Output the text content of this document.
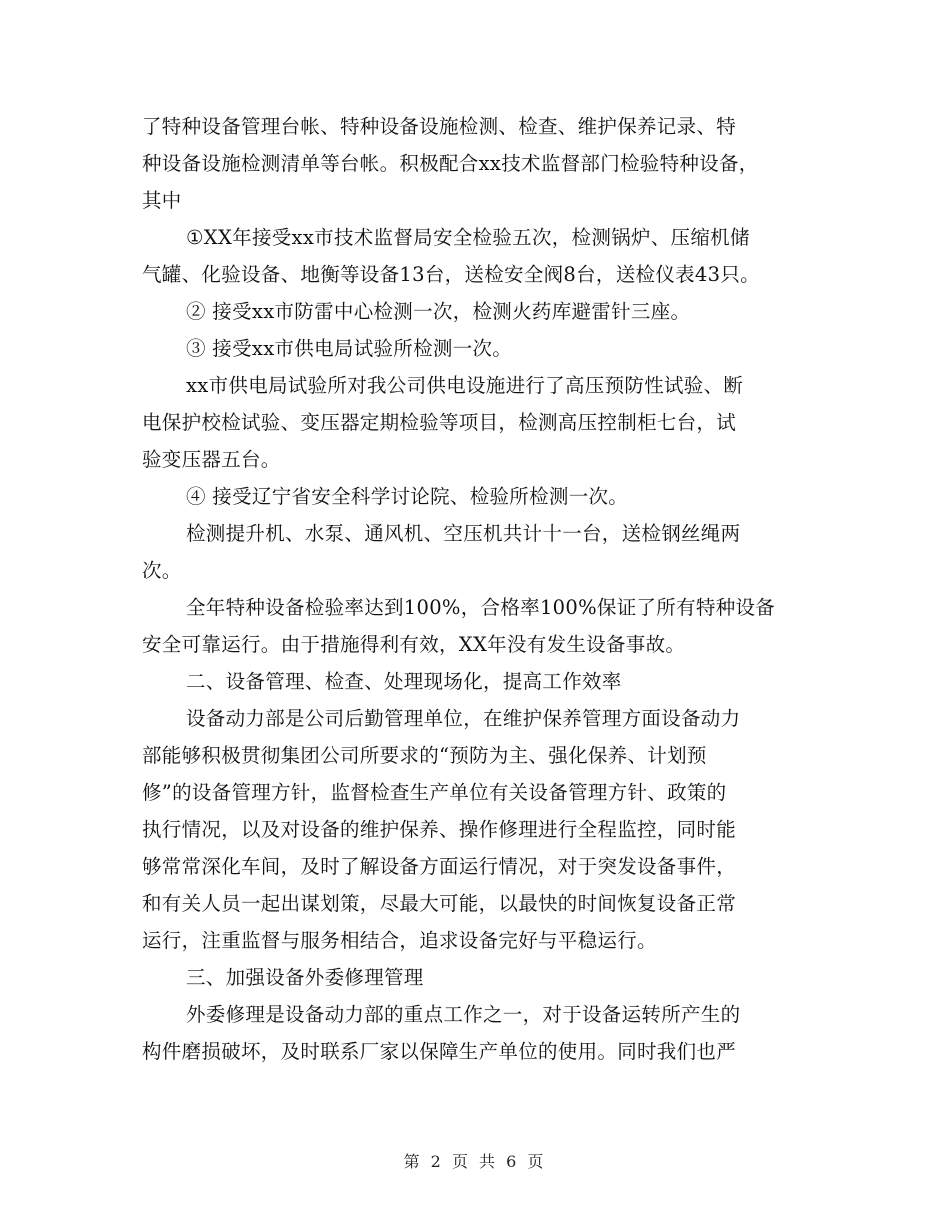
了特种设备管理台帐、特种设备设施检测、检查、维护保养记录、特
种设备设施检测清单等台帐。积极配合xx技术监督部门检验特种设备，
其中
①XX年接受xx市技术监督局安全检验五次，检测锅炉、压缩机储
气罐、化验设备、地衡等设备13台，送检安全阀8台，送检仪表43只。
② 接受xx市防雷中心检测一次，检测火药库避雷针三座。
③ 接受xx市供电局试验所检测一次。
xx市供电局试验所对我公司供电设施进行了高压预防性试验、断
电保护校检试验、变压器定期检验等项目，检测高压控制柜七台，试
验变压器五台。
④ 接受辽宁省安全科学讨论院、检验所检测一次。
检测提升机、水泵、通风机、空压机共计十一台，送检钢丝绳两
次。
全年特种设备检验率达到100%，合格率100%保证了所有特种设备
安全可靠运行。由于措施得利有效，XX年没有发生设备事故。
二、设备管理、检查、处理现场化，提高工作效率
设备动力部是公司后勤管理单位，在维护保养管理方面设备动力
部能够积极贯彻集团公司所要求的“预防为主、强化保养、计划预
修”的设备管理方针，监督检查生产单位有关设备管理方针、政策的
执行情况，以及对设备的维护保养、操作修理进行全程监控，同时能
够常常深化车间，及时了解设备方面运行情况，对于突发设备事件，
和有关人员一起出谋划策，尽最大可能，以最快的时间恢复设备正常
运行，注重监督与服务相结合，追求设备完好与平稳运行。
三、加强设备外委修理管理
外委修理是设备动力部的重点工作之一，对于设备运转所产生的
构件磨损破坏，及时联系厂家以保障生产单位的使用。同时我们也严
第 2 页 共 6 页
